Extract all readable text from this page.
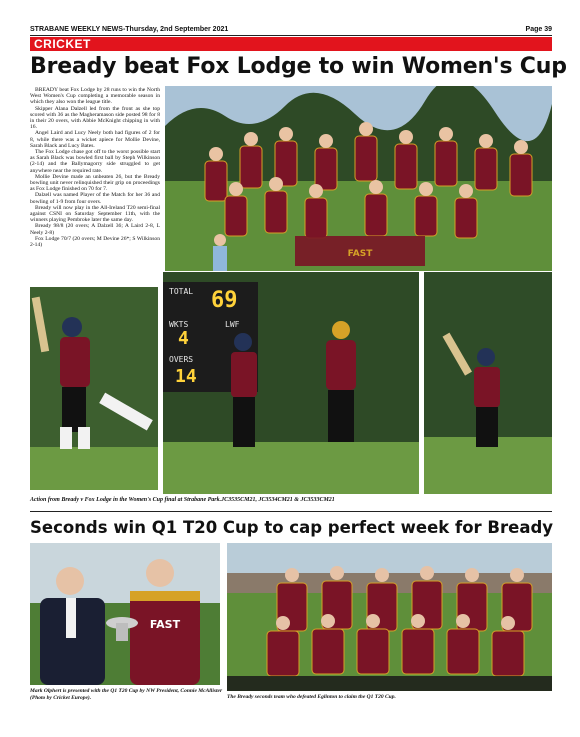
STRABANE WEEKLY NEWS-Thursday, 2nd September 2021	Page 39
CRICKET
Bready beat Fox Lodge to win Women's Cup

BREADY beat Fox Lodge by 28 runs to win the North West Women's Cup completing a memorable season in which they also won the league title.

Skipper Alana Dalzell led from the front as she top scored with 36 as the Magheramason side posted 98 for 8 in their 20 overs, with Abbie McKnight chipping in with 16.

Angel Laird and Lucy Neely both had figures of 2 for 8, while there was a wicket apiece for Mollie Devine, Sarah Black and Lucy Bates.

The Fox Lodge chase got off to the worst possible start as Sarah Black was bowled first ball by Steph Wilkinson (2-14) and the Ballymagorry side struggled to get anywhere near the required rate.

Mollie Devine made an unbeaten 26, but the Bready bowling unit never relinquished their grip on proceedings as Fox Lodge finished on 70 for 7.

Dalzell was named Player of the Match for her 36 and bowling of 1-9 from four overs.

Bready will now play in the All-Ireland T20 semi-final against CSNI on Saturday September 11th, with the winners playing Pembroke later the same day.

Bready 98/8 (20 overs; A Dalzell 36; A Laird 2-8, L Neely 2-8)

Fox Lodge 70/7 (20 overs; M Devine 26*; S Wilkinson 2-14)

FAST
TOTAL 69
WKTS
4
LWF
OVERS
14
Action from Bready v Fox Lodge in the Women's Cup final at Strabane Park.JC3535CM21, JC3534CM21 & JC3533CM21
Seconds win Q1 T20 Cup to cap perfect week for Bready
FAST
Mark Olphert is presented with the Q1 T20 Cup by NW President, Connie McAllister (Photo by Cricket Europe).	The Bready seconds team who defeated Eglinton to claim the Q1 T20 Cup.
